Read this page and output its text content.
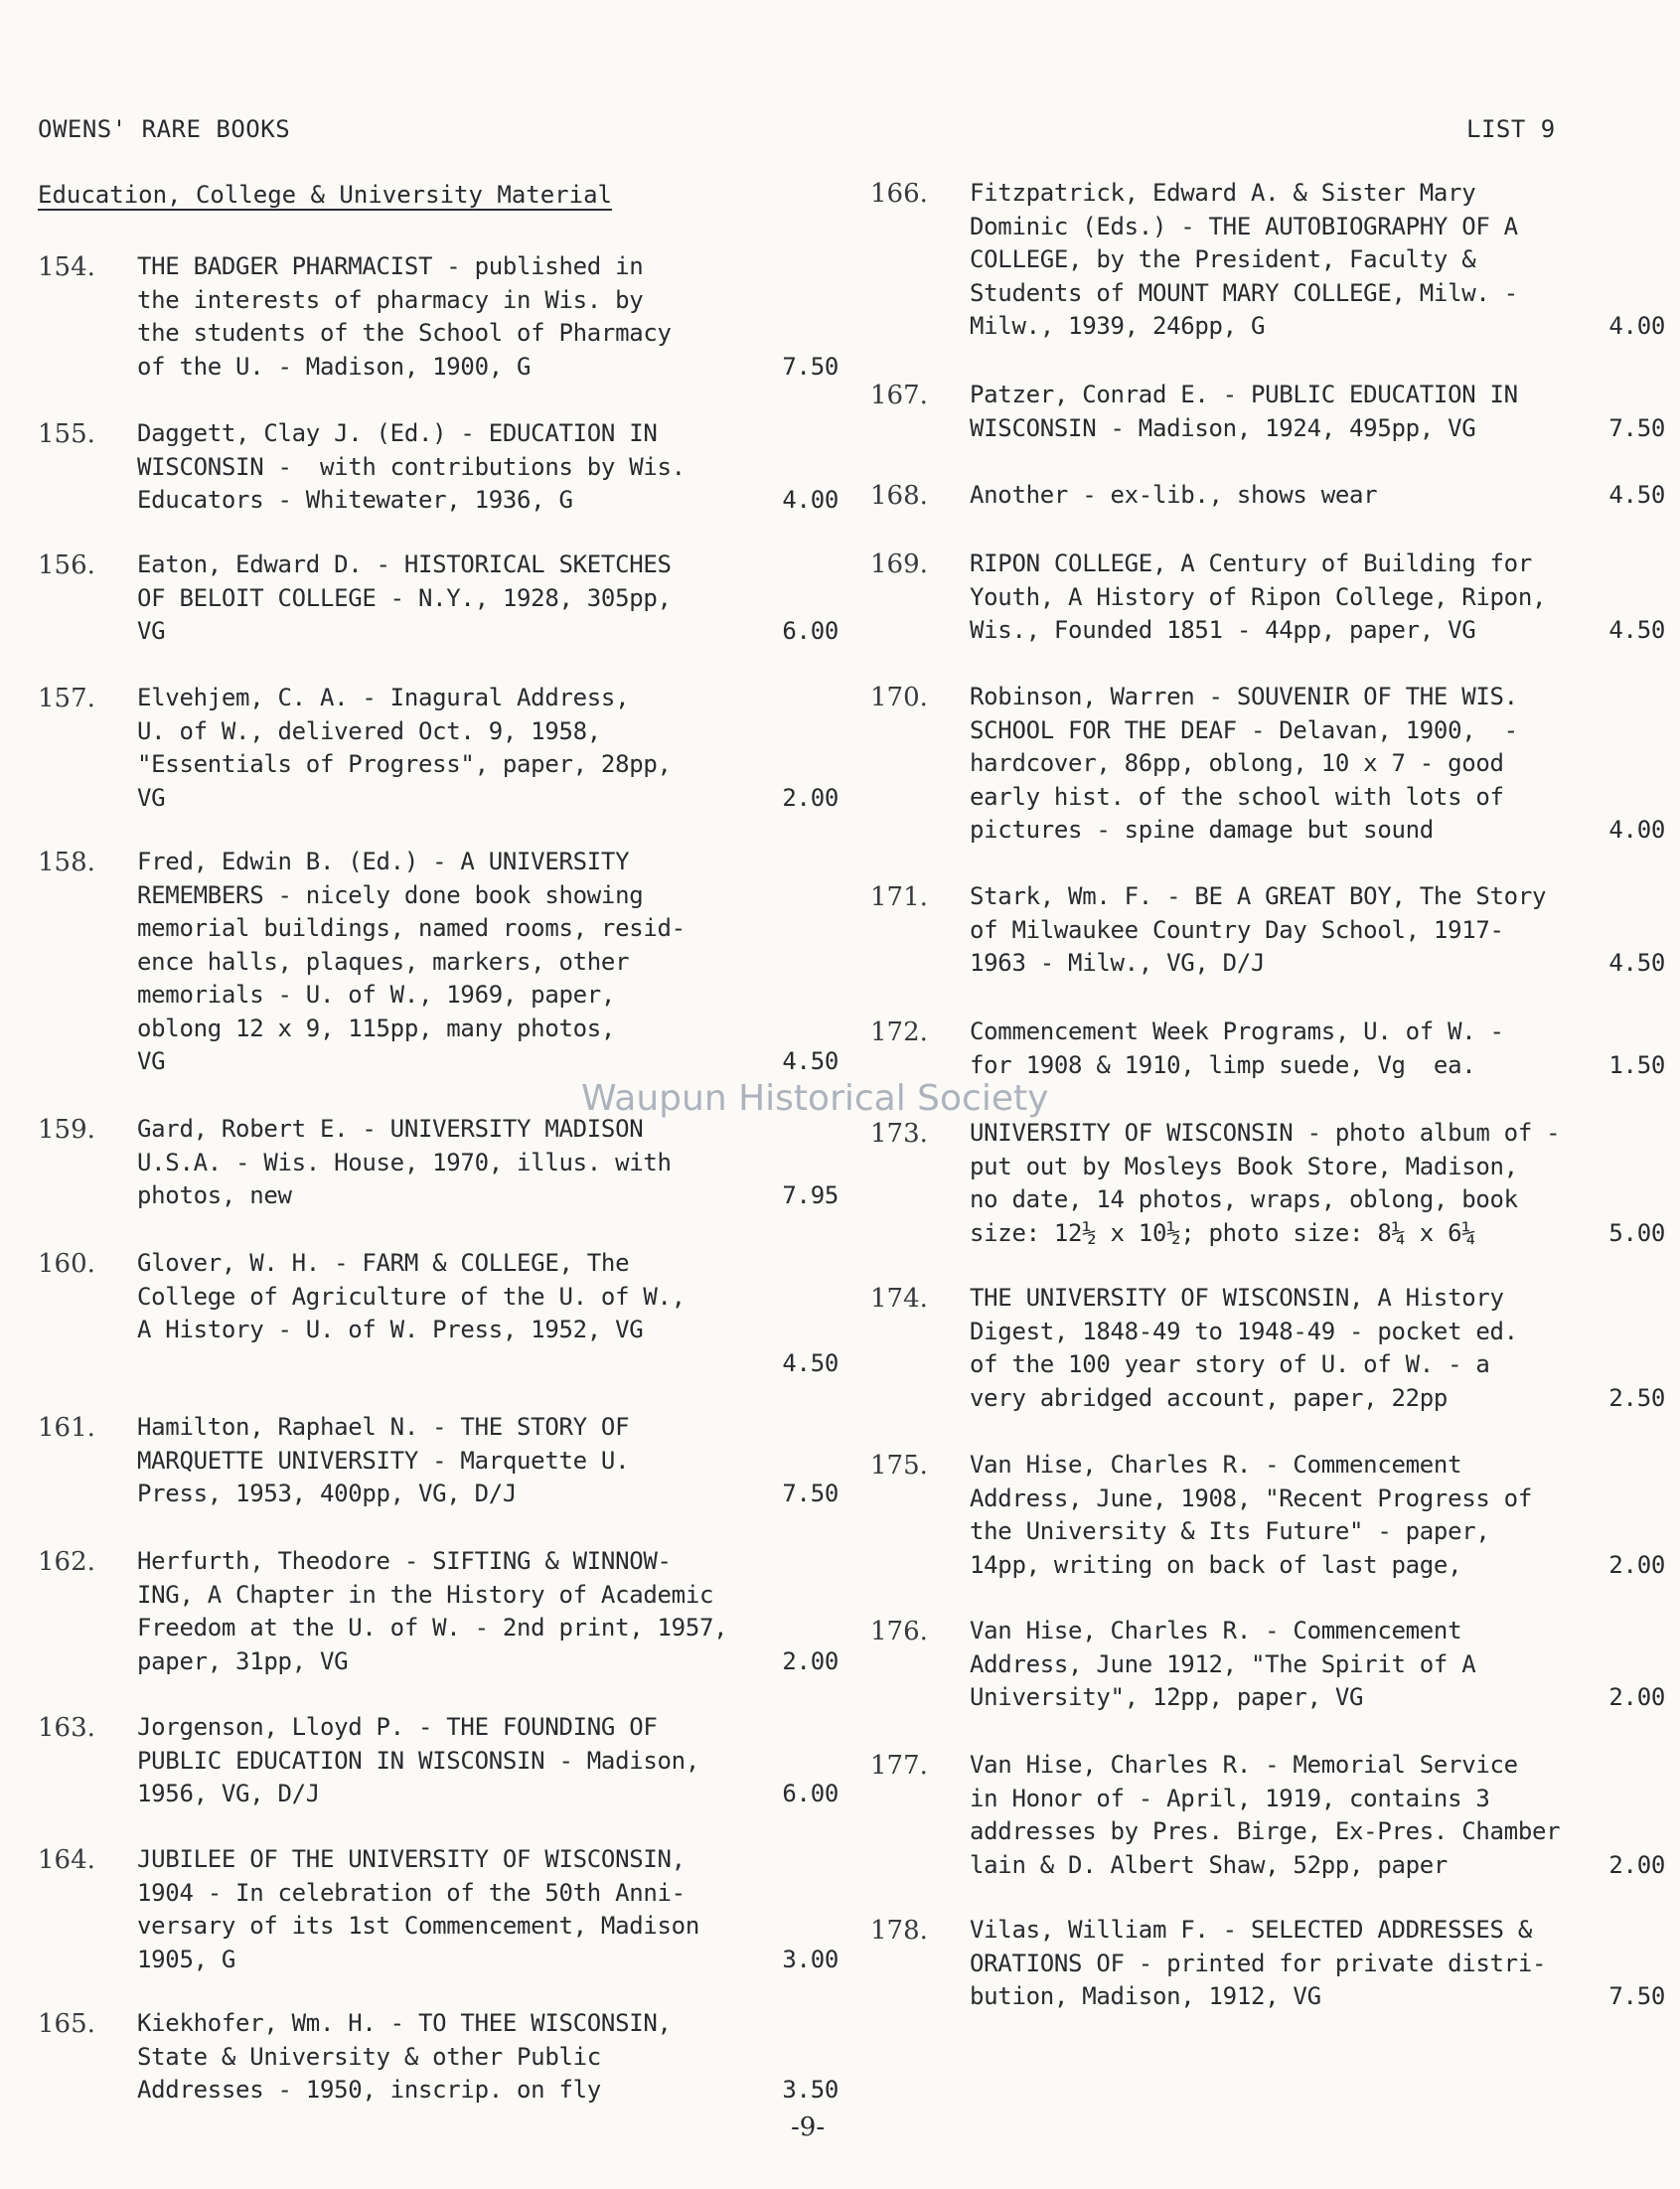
OWENS' RARE BOOKS	LIST 9
Education, College & University Material
154. THE BADGER PHARMACIST - published in
the interests of pharmacy in Wis. by
the students of the School of Pharmacy
of the U. - Madison, 1900, G	7.50
155. Daggett, Clay J. (Ed.) - EDUCATION IN
WISCONSIN -  with contributions by Wis.
Educators - Whitewater, 1936, G	4.00
156. Eaton, Edward D. - HISTORICAL SKETCHES
OF BELOIT COLLEGE - N.Y., 1928, 305pp,
VG	6.00
157. Elvehjem, C. A. - Inagural Address,
U. of W., delivered Oct. 9, 1958,
"Essentials of Progress", paper, 28pp,
VG	2.00
158. Fred, Edwin B. (Ed.) - A UNIVERSITY
REMEMBERS - nicely done book showing
memorial buildings, named rooms, resid-
ence halls, plaques, markers, other
memorials - U. of W., 1969, paper,
oblong 12 x 9, 115pp, many photos,
VG	4.50
159. Gard, Robert E. - UNIVERSITY MADISON
U.S.A. - Wis. House, 1970, illus. with
photos, new	7.95
160. Glover, W. H. - FARM & COLLEGE, The
College of Agriculture of the U. of W.,
A History - U. of W. Press, 1952, VG
4.50
161. Hamilton, Raphael N. - THE STORY OF
MARQUETTE UNIVERSITY - Marquette U.
Press, 1953, 400pp, VG, D/J	7.50
162. Herfurth, Theodore - SIFTING & WINNOW-
ING, A Chapter in the History of Academic
Freedom at the U. of W. - 2nd print, 1957,
paper, 31pp, VG	2.00
163. Jorgenson, Lloyd P. - THE FOUNDING OF
PUBLIC EDUCATION IN WISCONSIN - Madison,
1956, VG, D/J	6.00
164. JUBILEE OF THE UNIVERSITY OF WISCONSIN,
1904 - In celebration of the 50th Anni-
versary of its 1st Commencement, Madison
1905, G	3.00
165. Kiekhofer, Wm. H. - TO THEE WISCONSIN,
State & University & other Public
Addresses - 1950, inscrip. on fly	3.50
166. Fitzpatrick, Edward A. & Sister Mary
Dominic (Eds.) - THE AUTOBIOGRAPHY OF A
COLLEGE, by the President, Faculty &
Students of MOUNT MARY COLLEGE, Milw. -
Milw., 1939, 246pp, G	4.00
167. Patzer, Conrad E. - PUBLIC EDUCATION IN
WISCONSIN - Madison, 1924, 495pp, VG	7.50
168. Another - ex-lib., shows wear	4.50
169. RIPON COLLEGE, A Century of Building for
Youth, A History of Ripon College, Ripon,
Wis., Founded 1851 - 44pp, paper, VG	4.50
170. Robinson, Warren - SOUVENIR OF THE WIS.
SCHOOL FOR THE DEAF - Delavan, 1900,  -
hardcover, 86pp, oblong, 10 x 7 - good
early hist. of the school with lots of
pictures - spine damage but sound	4.00
171. Stark, Wm. F. - BE A GREAT BOY, The Story
of Milwaukee Country Day School, 1917-
1963 - Milw., VG, D/J	4.50
172. Commencement Week Programs, U. of W. -
for 1908 & 1910, limp suede, Vg  ea.	1.50
173. UNIVERSITY OF WISCONSIN - photo album of -
put out by Mosleys Book Store, Madison,
no date, 14 photos, wraps, oblong, book
size: 12½ x 10½; photo size: 8¼ x 6¼	5.00
174. THE UNIVERSITY OF WISCONSIN, A History
Digest, 1848-49 to 1948-49 - pocket ed.
of the 100 year story of U. of W. - a
very abridged account, paper, 22pp	2.50
175. Van Hise, Charles R. - Commencement
Address, June, 1908, "Recent Progress of
the University & Its Future" - paper,
14pp, writing on back of last page,	2.00
176. Van Hise, Charles R. - Commencement
Address, June 1912, "The Spirit of A
University", 12pp, paper, VG	2.00
177. Van Hise, Charles R. - Memorial Service
in Honor of - April, 1919, contains 3
addresses by Pres. Birge, Ex-Pres. Chamber
lain & D. Albert Shaw, 52pp, paper	2.00
178. Vilas, William F. - SELECTED ADDRESSES &
ORATIONS OF - printed for private distri-
bution, Madison, 1912, VG	7.50
Waupun Historical Society
-9-
